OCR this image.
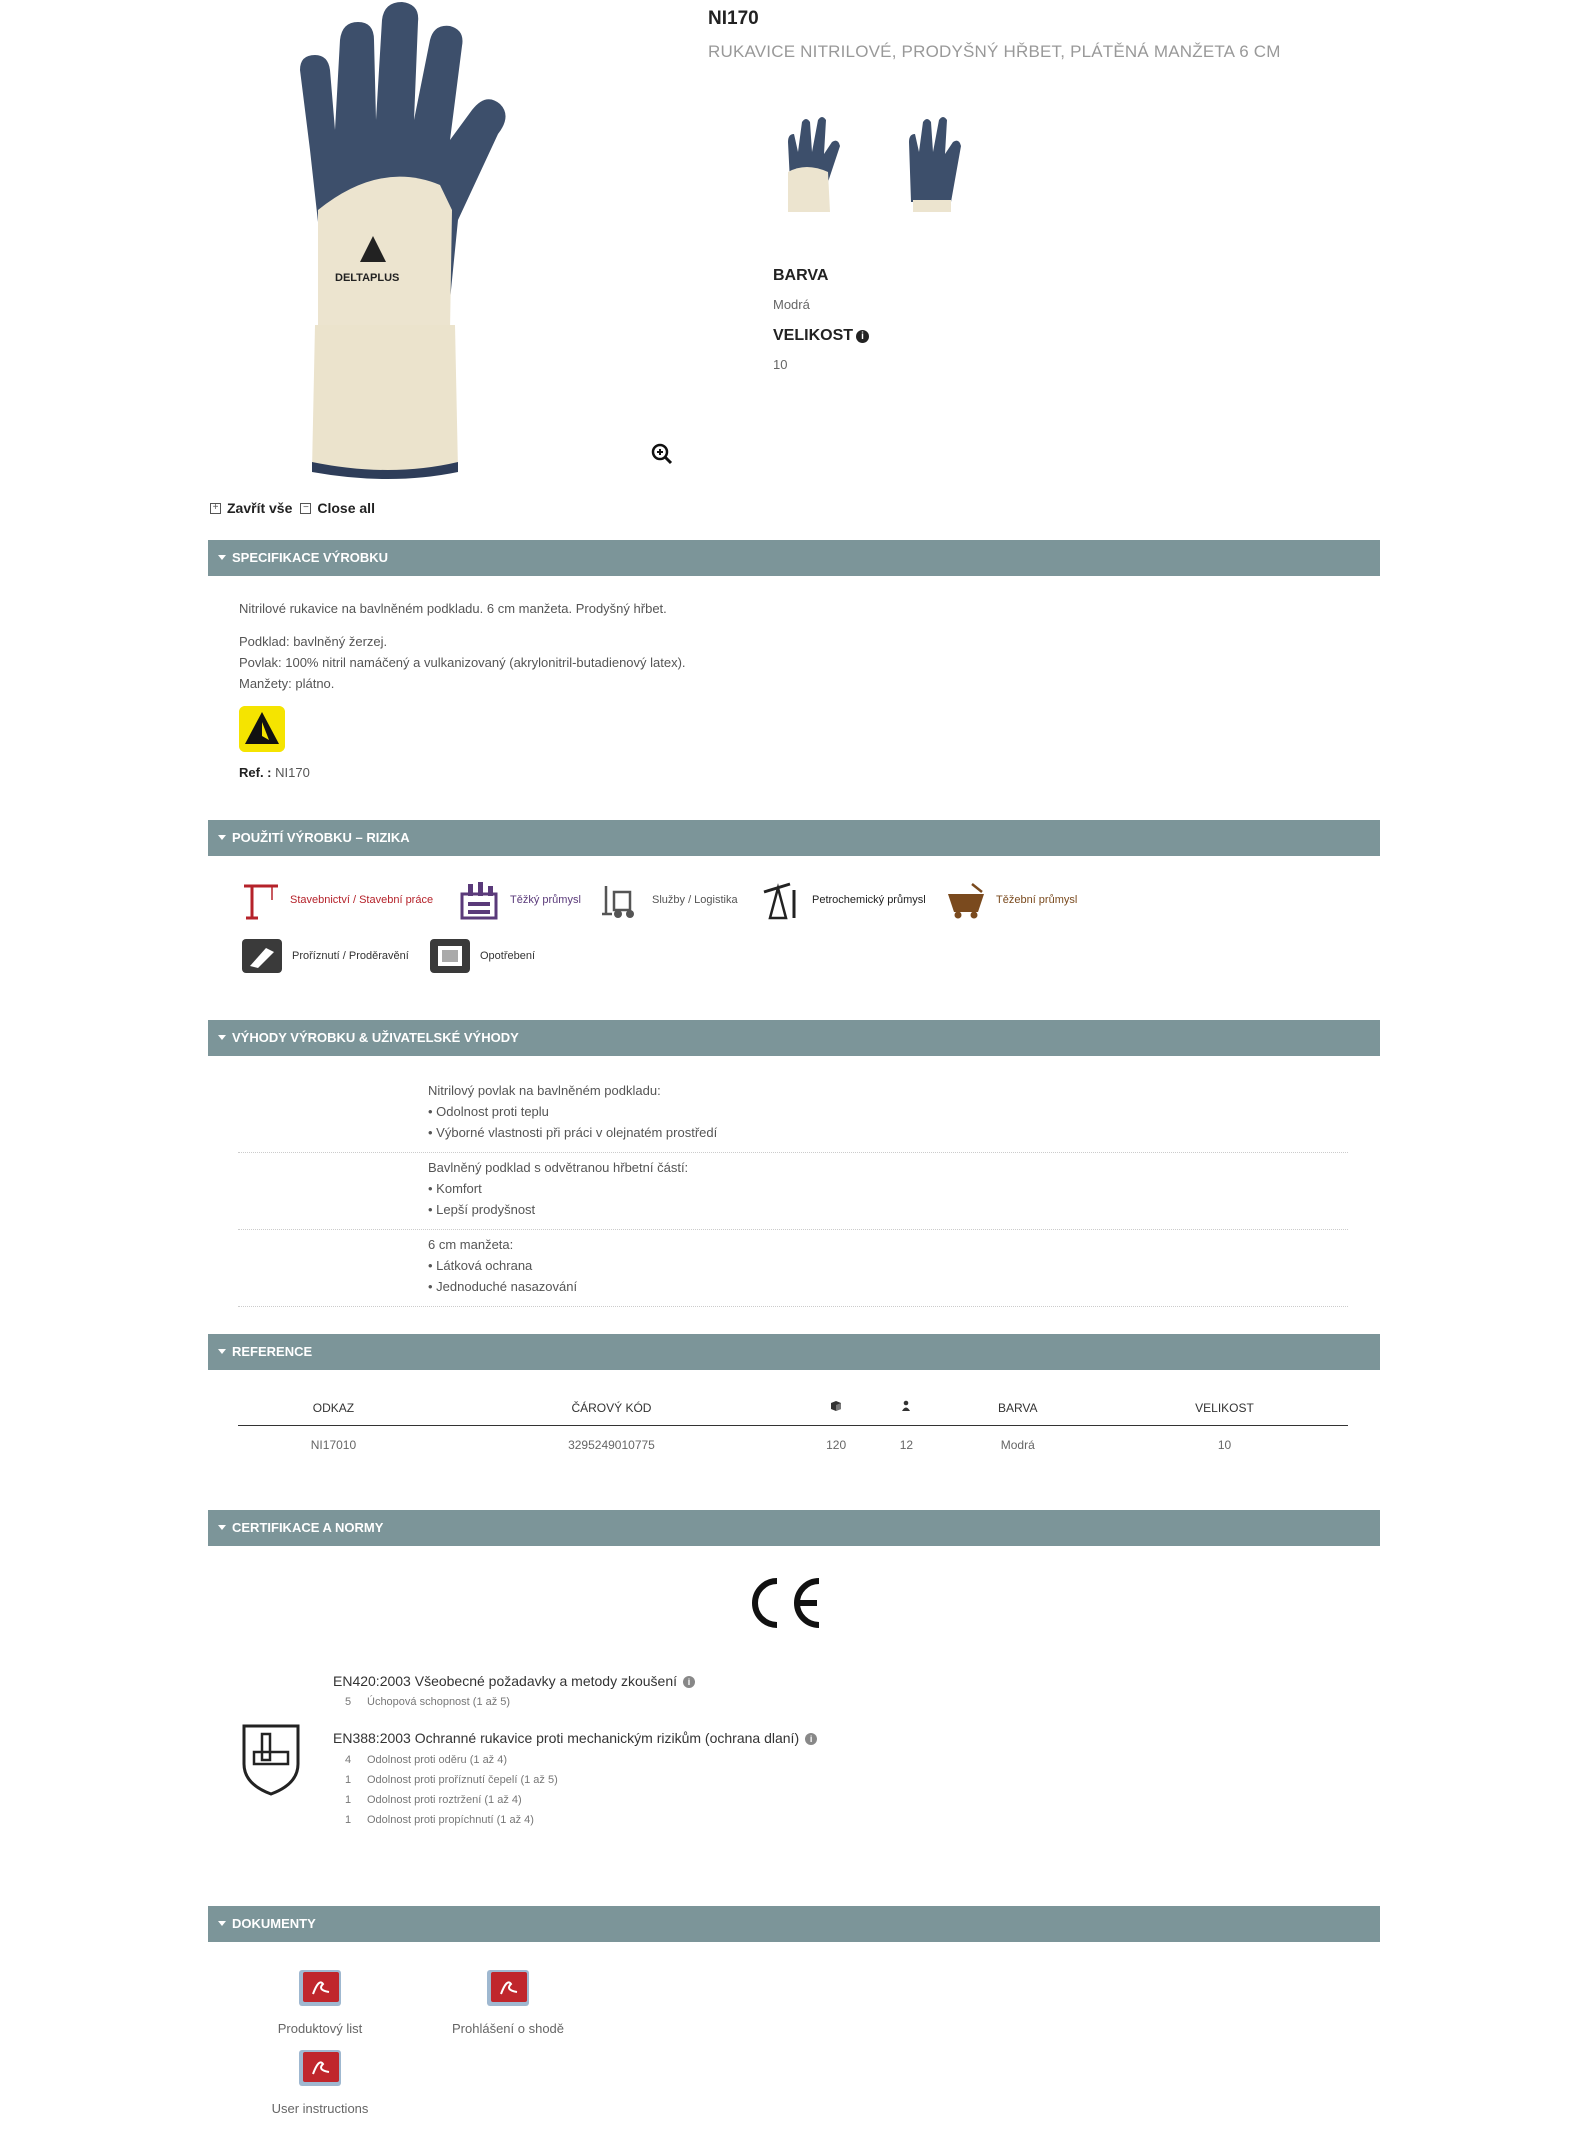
DELTAPLUS
NI170
RUKAVICE NITRILOVÉ, PRODYŠNÝ HŘBET, PLÁTĚNÁ MANŽETA 6 CM
BARVA
Modrá
VELIKOST i
10
+ Zavřít vše − Close all
SPECIFIKACE VÝROBKU
Nitrilové rukavice na bavlněném podkladu. 6 cm manžeta. Prodyšný hřbet.
Podklad: bavlněný žerzej.
Povlak: 100% nitril namáčený a vulkanizovaný (akrylonitril-butadienový latex).
Manžety: plátno.
Ref. : NI170
POUŽITÍ VÝROBKU – RIZIKA
Stavebnictví / Stavební práce	Těžký průmysl	Služby / Logistika	Petrochemický průmysl	Těžební průmysl
Proříznutí / Proděravění	Opotřebení
VÝHODY VÝROBKU & UŽIVATELSKÉ VÝHODY
Nitrilový povlak na bavlněném podkladu:
• Odolnost proti teplu
• Výborné vlastnosti při práci v olejnatém prostředí
Bavlněný podklad s odvětranou hřbetní částí:
• Komfort
• Lepší prodyšnost
6 cm manžeta:
• Látková ochrana
• Jednoduché nasazování
REFERENCE
ODKAZ	ČÁROVÝ KÓD			BARVA	VELIKOST
NI17010	3295249010775	120	12	Modrá	10
CERTIFIKACE A NORMY
EN420:2003 Všeobecné požadavky a metody zkoušení i
5 Úchopová schopnost (1 až 5)
EN388:2003 Ochranné rukavice proti mechanickým rizikům (ochrana dlaní) i
4 Odolnost proti oděru (1 až 4)
1 Odolnost proti proříznutí čepelí (1 až 5)
1 Odolnost proti roztržení (1 až 4)
1 Odolnost proti propíchnutí (1 až 4)
DOKUMENTY
Produktový list	Prohlášení o shodě
User instructions
